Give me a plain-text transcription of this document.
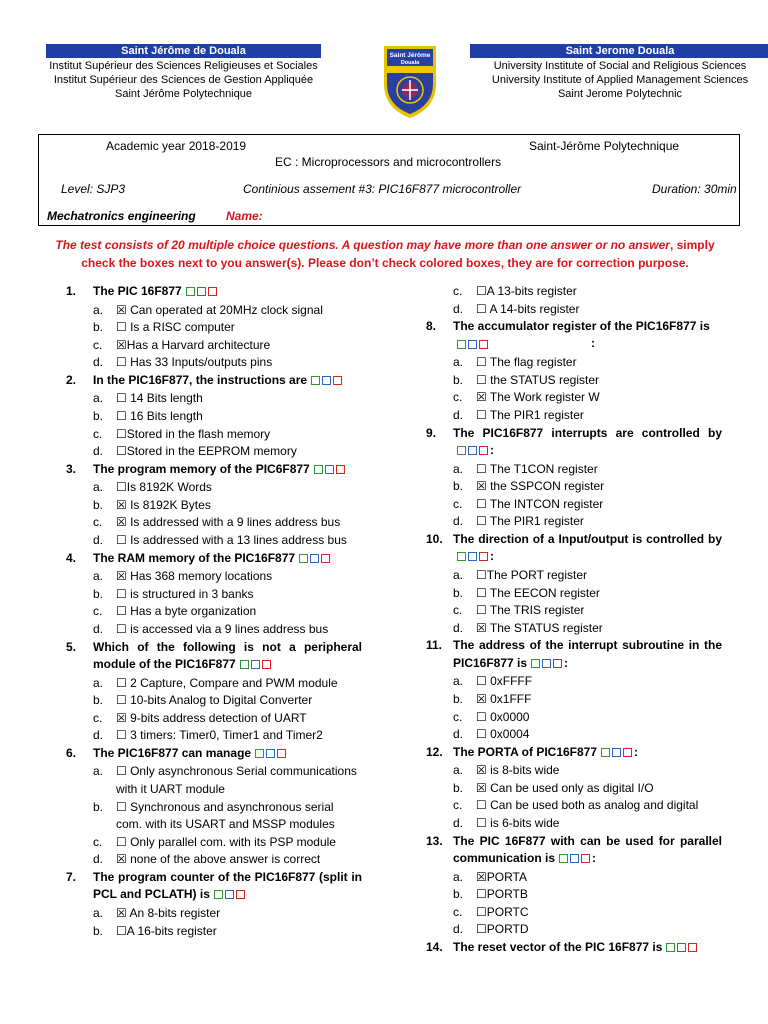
Saint Jérôme de Douala
Institut Supérieur des Sciences Religieuses et Sociales
Institut Supérieur des Sciences de Gestion Appliquée
Saint Jérôme Polytechnique
Saint Jérôme
Douala
Saint Jerome Douala
University Institute of Social and Religious Sciences
University Institute of Applied Management Sciences
Saint Jerome Polytechnic
Academic year 2018-2019	Saint-Jérôme Polytechnique
EC : Microprocessors and microcontrollers
Level: SJP3	Continious assement #3: PIC16F877 microcontroller	Duration: 30min
Mechatronics engineering	Name:
The test consists of 20 multiple choice questions. A question may have more than one answer or no answer, simply
check the boxes next to you answer(s). Please don’t check colored boxes, they are for correction purpose.
1. The PIC 16F877
a. ☒ Can operated at 20MHz clock signal
b. ☐ Is a RISC computer
c. ☒Has a Harvard architecture
d. ☐ Has 33 Inputs/outputs pins
2. In the PIC16F877, the instructions are
a. ☐ 14 Bits length
b. ☐ 16 Bits length
c. ☐Stored in the flash memory
d. ☐Stored in the EEPROM memory
3. The program memory of the PIC6F877
a. ☐Is 8192K Words
b. ☒ Is 8192K Bytes
c. ☒ Is addressed with a 9 lines address bus
d. ☐ Is addressed with a 13 lines address bus
4. The RAM memory of the PIC16F877
a. ☒ Has 368 memory locations
b. ☐ is structured in 3 banks
c. ☐ Has a byte organization
d. ☐ is accessed via a 9 lines address bus
5. Which of the following is not a peripheral module of the PIC16F877
a. ☐ 2 Capture, Compare and PWM module
b. ☐ 10-bits Analog to Digital Converter
c. ☒ 9-bits address detection of UART
d. ☐ 3 timers: Timer0, Timer1 and Timer2
6. The PIC16F877 can manage
a. ☐ Only asynchronous Serial communications with it UART module
b. ☐ Synchronous and asynchronous serial com. with its USART and MSSP modules
c. ☐ Only parallel com. with its PSP module
d. ☒ none of the above answer is correct
7. The program counter of the PIC16F877 (split in PCL and PCLATH) is
a. ☒ An 8-bits register
b. ☐A 16-bits register
c. ☐A 13-bits register
d. ☐ A 14-bits register
8. The accumulator register of the PIC16F877 is
:

a. ☐ The flag register
b. ☐ the STATUS register
c. ☒ The Work register W
d. ☐ The PIR1 register
9. The PIC16F877 interrupts are controlled by:
a. ☐ The T1CON register
b. ☒ the SSPCON register
c. ☐ The INTCON register
d. ☐ The PIR1 register
10. The direction of a Input/output is controlled by:
a. ☐The PORT register
b. ☐ The EECON register
c. ☐ The TRIS register
d. ☒ The STATUS register
11. The address of the interrupt subroutine in the PIC16F877 is	:
a. ☐ 0xFFFF
b. ☒ 0x1FFF
c. ☐ 0x0000
d. ☐ 0x0004
12. The PORTA of PIC16F877	:
a. ☒ is 8-bits wide
b. ☒ Can be used only as digital I/O
c. ☐ Can be used both as analog and digital
d. ☐ is 6-bits wide
13. The PIC 16F877 with can be used for parallel communication is	:
a. ☒PORTA
b. ☐PORTB
c. ☐PORTC
d. ☐PORTD
14. The reset vector of the PIC 16F877 is
